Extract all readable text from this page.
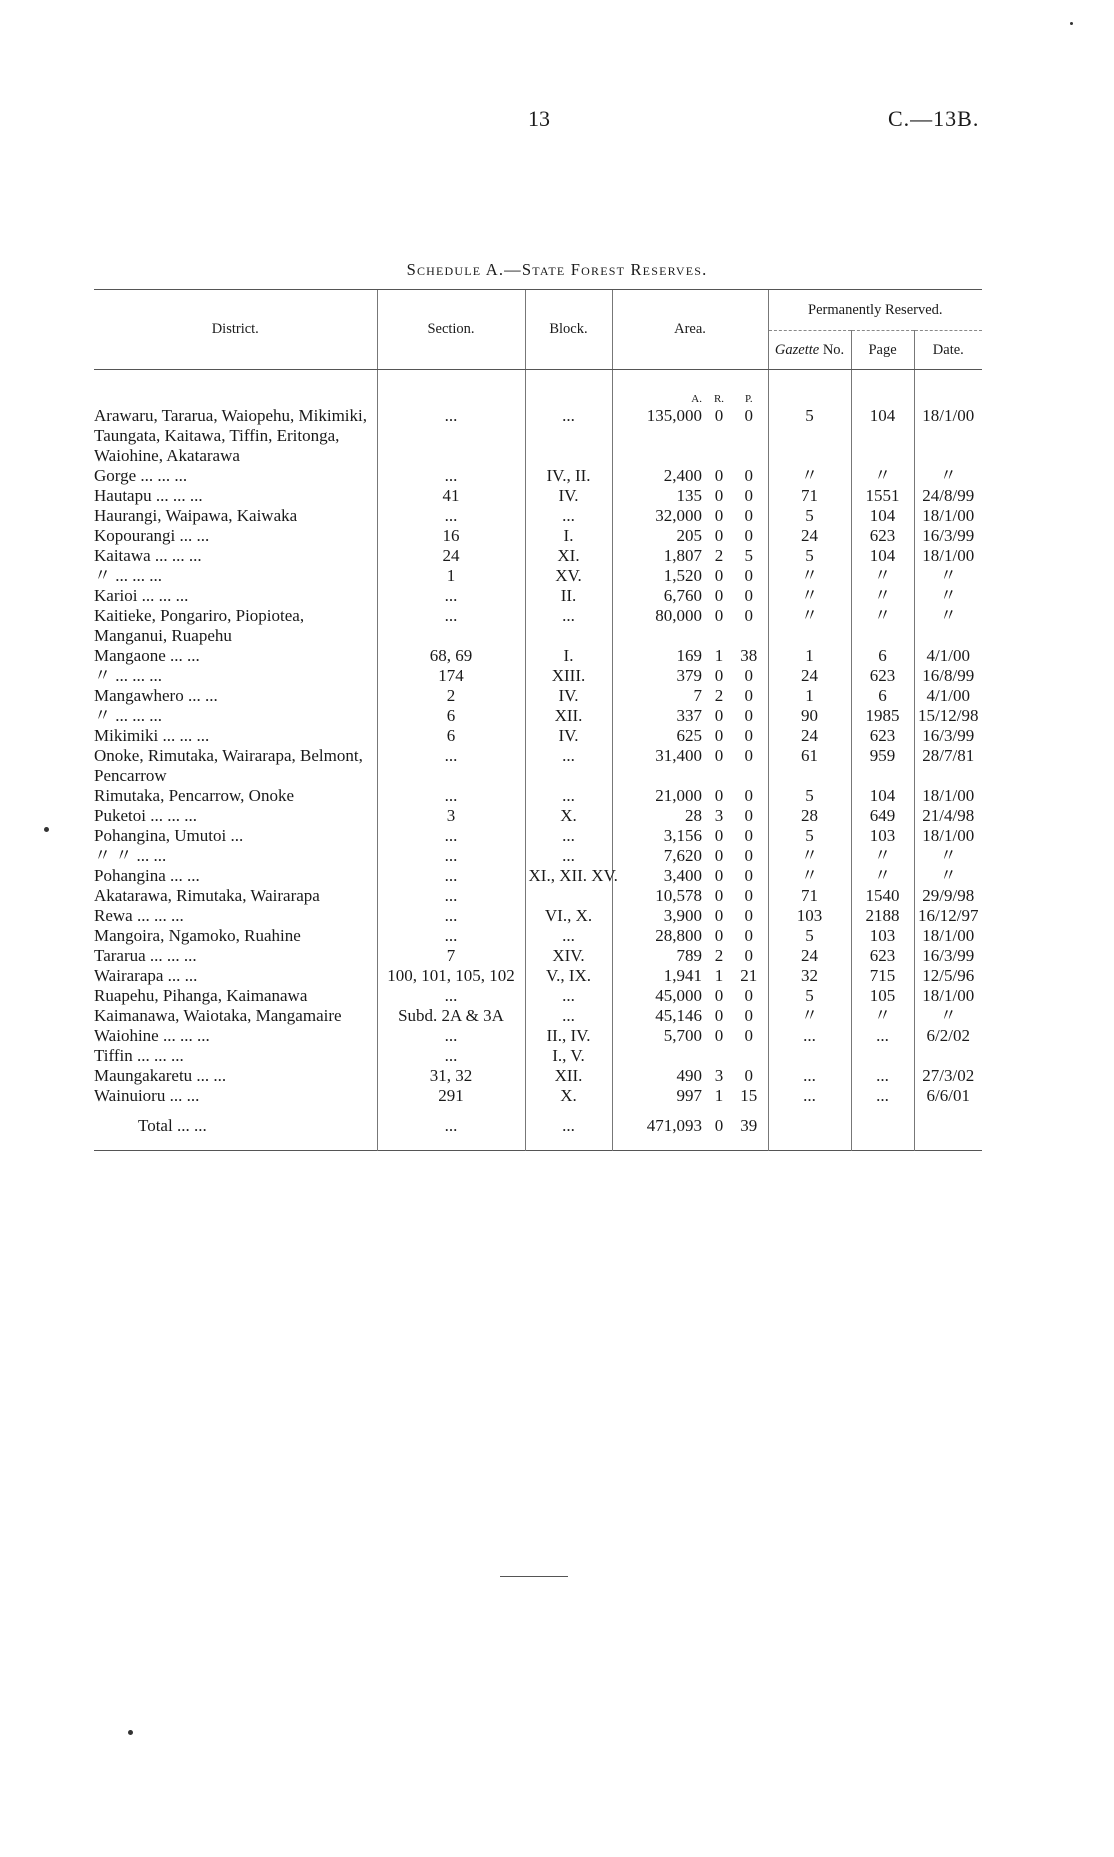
13	C.—13B.
Schedule A.—State Forest Reserves.
District.	Section.	Block.	Area.			Permanently Reserved.		
						Gazette No.	Page	Date.
			A.	R.	P.			
Arawaru, Tararua, Waiopehu, Mikimiki, Taungata, Kaitawa, Tiffin, Eritonga, Waiohine, Akatarawa	...	...	135,000	0	0	5	104	18/1/00
Gorge ... ... ...	...	IV., II.	2,400	0	0	〃	〃	〃
Hautapu ... ... ...	41	IV.	135	0	0	71	1551	24/8/99
Haurangi, Waipawa, Kaiwaka	...	...	32,000	0	0	5	104	18/1/00
Kopourangi ... ...	16	I.	205	0	0	24	623	16/3/99
Kaitawa ... ... ...	24	XI.	1,807	2	5	5	104	18/1/00
〃 ... ... ...	1	XV.	1,520	0	0	〃	〃	〃
Karioi ... ... ...	...	II.	6,760	0	0	〃	〃	〃
Kaitieke, Pongariro, Piopiotea, Manganui, Ruapehu	...	...	80,000	0	0	〃	〃	〃
Mangaone ... ...	68, 69	I.	169	1	38	1	6	4/1/00
〃 ... ... ...	174	XIII.	379	0	0	24	623	16/8/99
Mangawhero ... ...	2	IV.	7	2	0	1	6	4/1/00
〃 ... ... ...	6	XII.	337	0	0	90	1985	15/12/98
Mikimiki ... ... ...	6	IV.	625	0	0	24	623	16/3/99
Onoke, Rimutaka, Wairarapa, Belmont, Pencarrow	...	...	31,400	0	0	61	959	28/7/81
Rimutaka, Pencarrow, Onoke	...	...	21,000	0	0	5	104	18/1/00
Puketoi ... ... ...	3	X.	28	3	0	28	649	21/4/98
Pohangina, Umutoi ...	...	...	3,156	0	0	5	103	18/1/00
〃 〃 ... ...	...	...	7,620	0	0	〃	〃	〃
Pohangina ... ...	...	XI., XII. XV.	3,400	0	0	〃	〃	〃
Akatarawa, Rimutaka, Wairarapa	...		10,578	0	0	71	1540	29/9/98
Rewa ... ... ...	...	VI., X.	3,900	0	0	103	2188	16/12/97
Mangoira, Ngamoko, Ruahine	...	...	28,800	0	0	5	103	18/1/00
Tararua ... ... ...	7	XIV.	789	2	0	24	623	16/3/99
Wairarapa ... ...	100, 101, 105, 102	V., IX.	1,941	1	21	32	715	12/5/96
Ruapehu, Pihanga, Kaimanawa	...	...	45,000	0	0	5	105	18/1/00
Kaimanawa, Waiotaka, Mangamaire	Subd. 2A & 3A	...	45,146	0	0	〃	〃	〃
Waiohine ... ... ...	...	II., IV.	5,700	0	0	...	...	6/2/02
Tiffin ... ... ...	...	I., V.						
Maungakaretu ... ...	31, 32	XII.	490	3	0	...	...	27/3/02
Wainuioru ... ...	291	X.	997	1	15	...	...	6/6/01
Total ... ...	...	...	471,093	0	39			
